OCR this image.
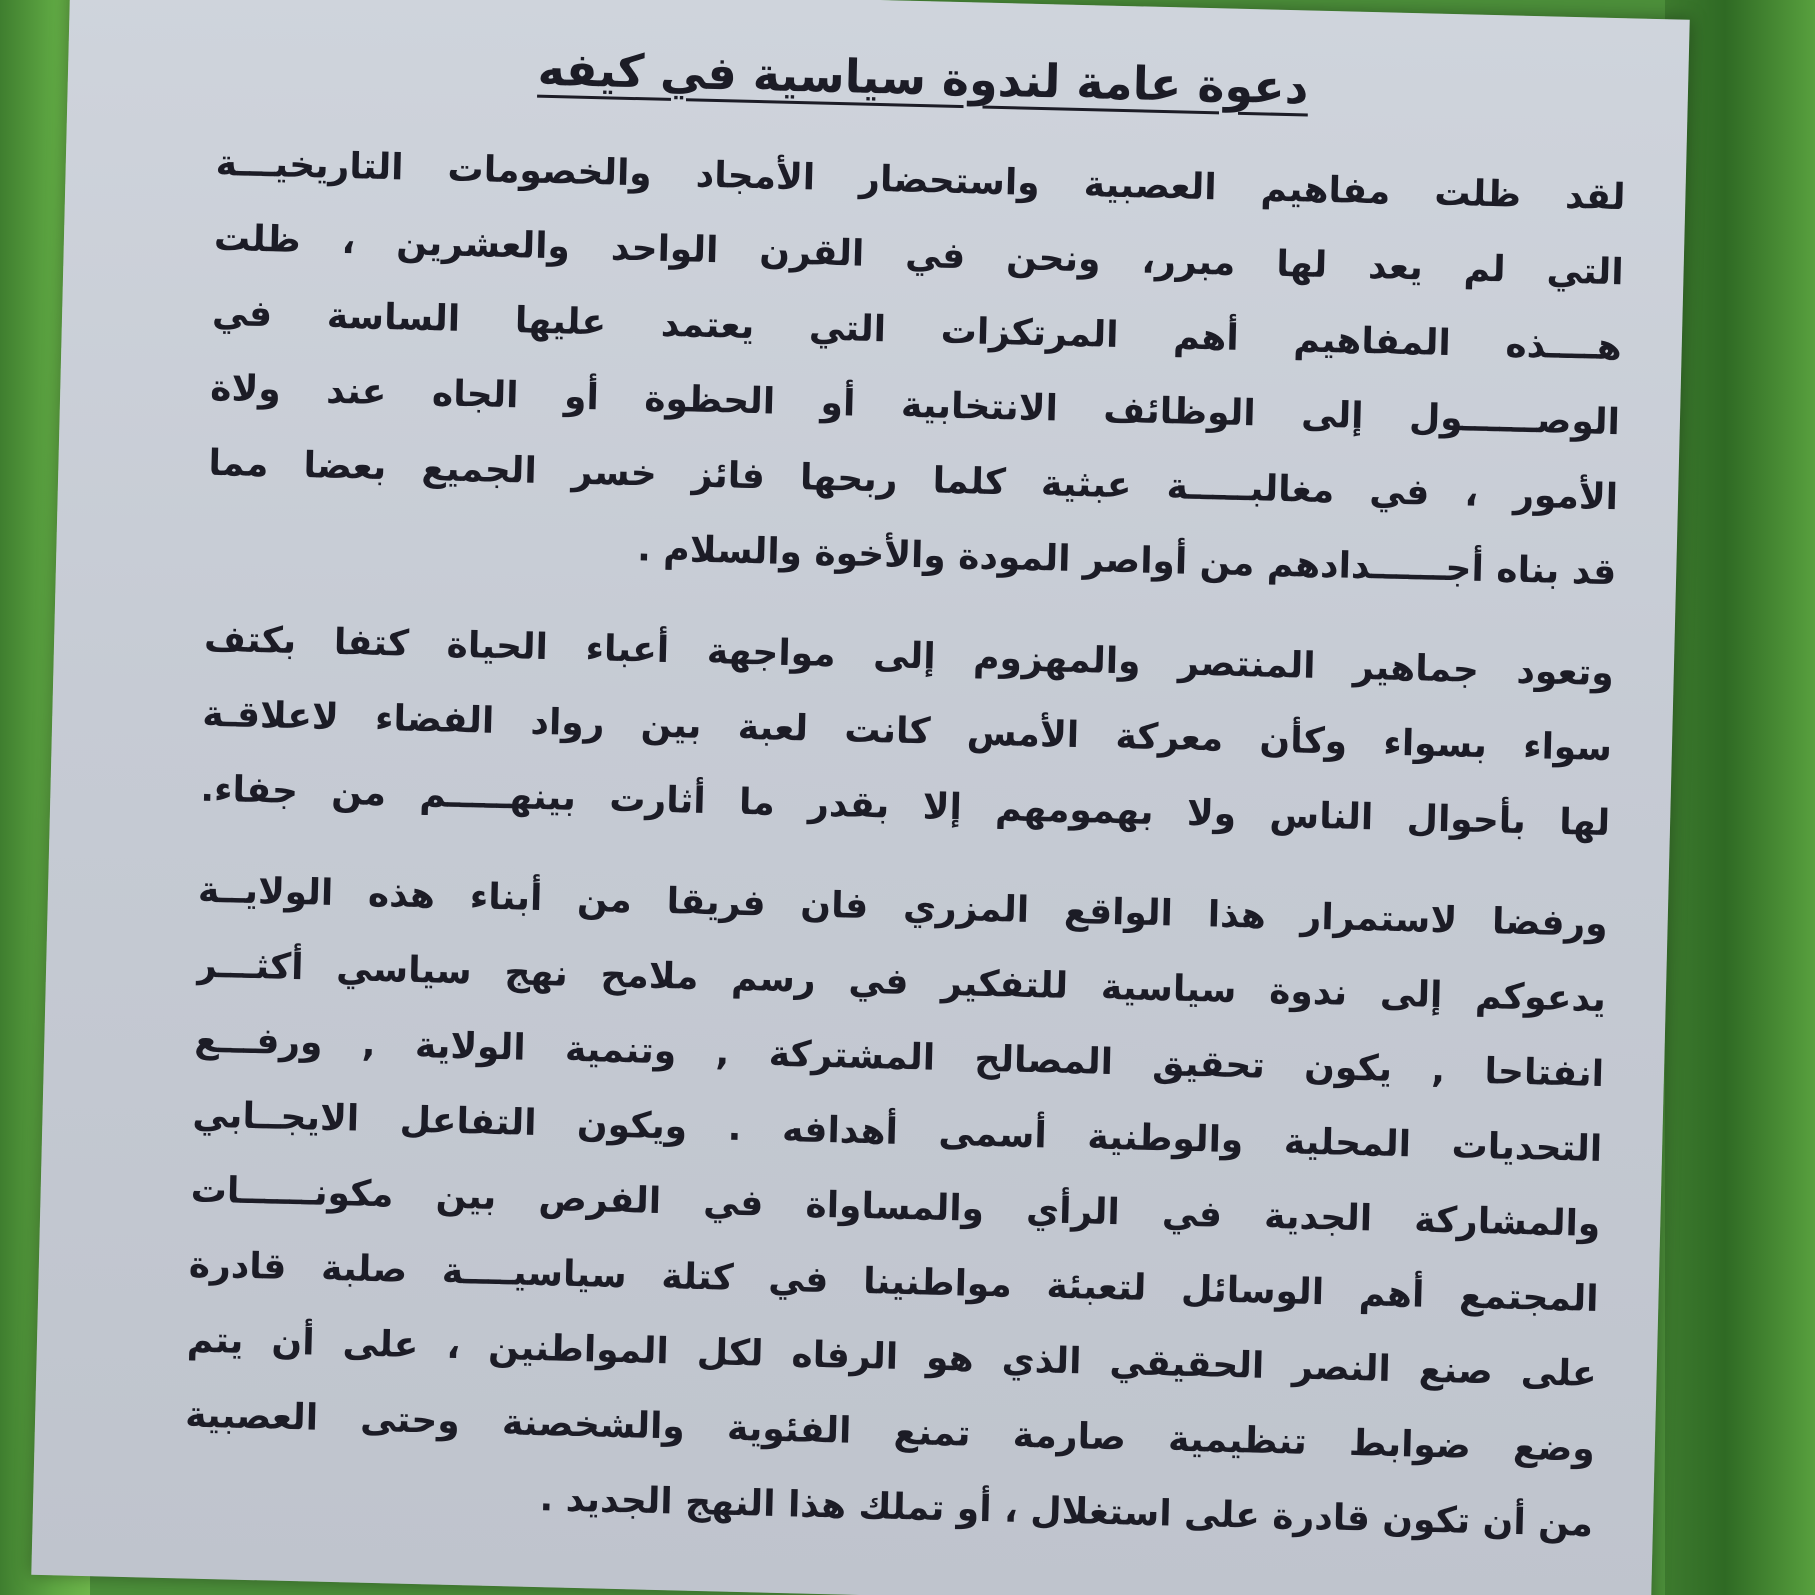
دعوة عامة لندوة سياسية في كيفه
لقد ظلت مفاهيم العصبية واستحضار الأمجاد والخصومات التاريخيـــة
التي لم يعد لها مبرر، ونحن في القرن الواحد والعشرين ، ظلت
هــــذه المفاهيم أهم المرتكزات التي يعتمد عليها الساسة في
الوصــــــول إلى الوظائف الانتخابية أو الحظوة أو الجاه عند ولاة
الأمور ، في مغالبـــــة عبثية كلما ربحها فائز خسر الجميع بعضا مما
قد بناه أجــــــدادهم من أواصر المودة والأخوة والسلام .
وتعود جماهير المنتصر والمهزوم إلى مواجهة أعباء الحياة كتفا بكتف
سواء بسواء وكأن معركة الأمس كانت لعبة بين رواد الفضاء لاعلاقـة
لها بأحوال الناس ولا بهمومهم إلا بقدر ما أثارت بينهـــــم من جفاء.
ورفضا لاستمرار هذا الواقع المزري فان فريقا من أبناء هذه الولايــة
يدعوكم إلى ندوة سياسية للتفكير في رسم ملامح نهج سياسي أكثـــر
انفتاحا , يكون تحقيق المصالح المشتركة , وتنمية الولاية , ورفـــع
التحديات المحلية والوطنية أسمى أهدافه . ويكون التفاعل الايجــابي
والمشاركة الجدية في الرأي والمساواة في الفرص بين مكونــــــات
المجتمع أهم الوسائل لتعبئة مواطنينا في كتلة سياسيــــة صلبة قادرة
على صنع النصر الحقيقي الذي هو الرفاه لكل المواطنين ، على أن يتم
وضع ضوابط تنظيمية صارمة تمنع الفئوية والشخصنة وحتى العصبية
من أن تكون قادرة على استغلال ، أو تملك هذا النهج الجديد .
